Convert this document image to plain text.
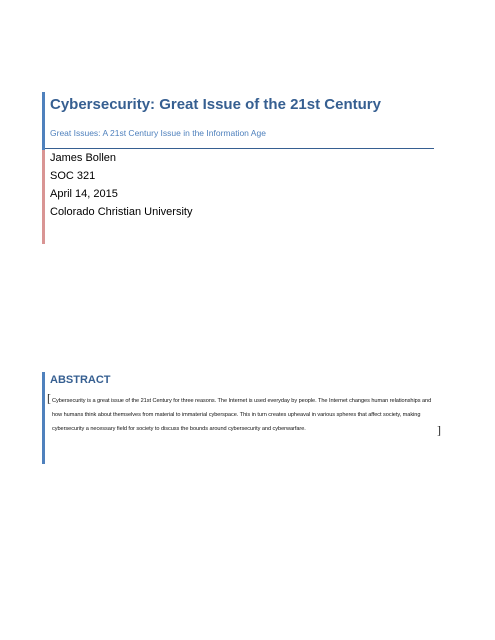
Cybersecurity: Great Issue of the 21st Century

Great Issues: A 21st Century Issue in the Information Age

James Bollen

SOC 321

April 14, 2015

Colorado Christian University

ABSTRACT
[ Cybersecurity is a great issue of the 21st Century for three reasons. The Internet is used everyday by people. The Internet changes human relationships and how humans think about themselves from material to immaterial cyberspace. This in turn creates upheaval in various spheres that affect society, making cybersecurity a necessary field for society to discuss the bounds around cybersecurity and cyberwarfare.	]
